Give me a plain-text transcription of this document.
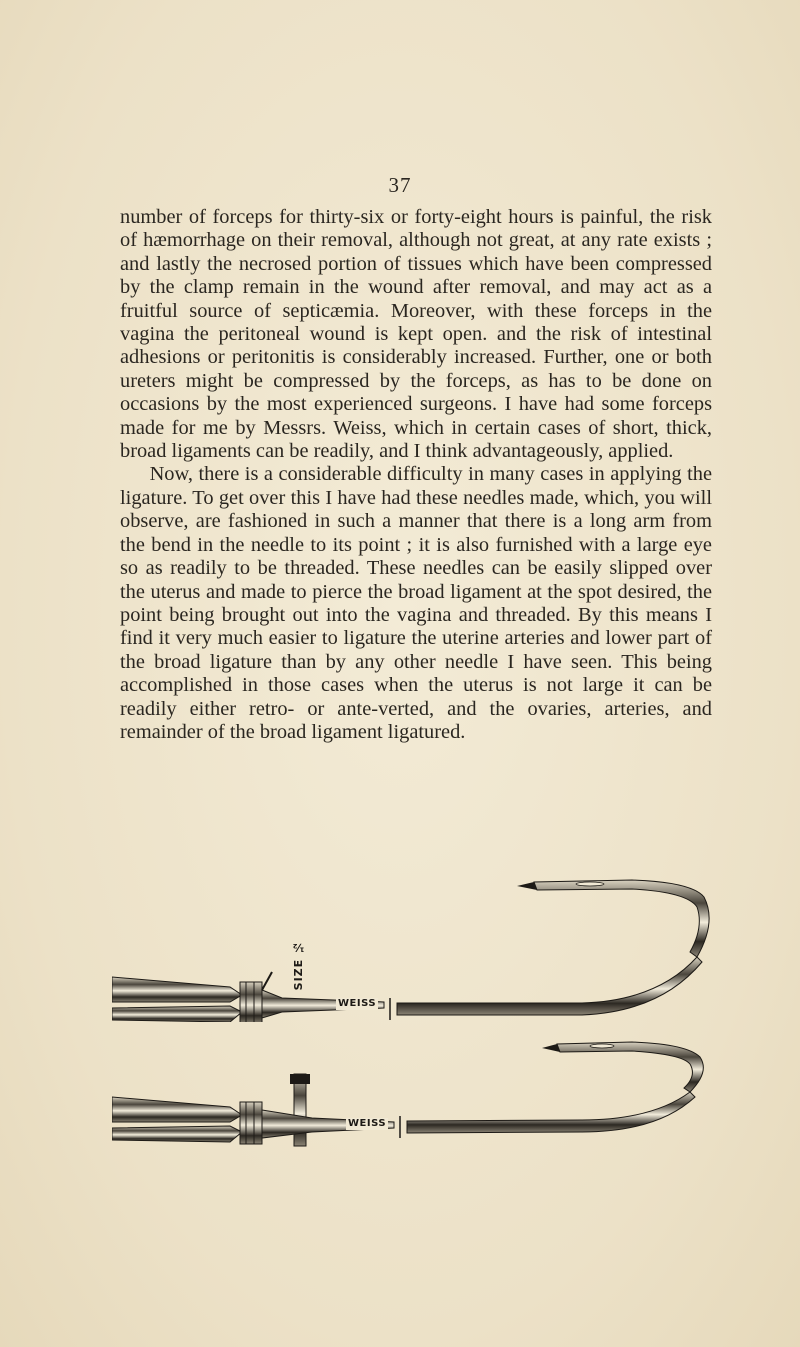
37

number of forceps for thirty-six or forty-eight hours is painful, the risk of hæmorrhage on their removal, although not great, at any rate exists ; and lastly the necrosed portion of tissues which have been compressed by the clamp remain in the wound after removal, and may act as a fruitful source of septicæmia. Moreover, with these forceps in the vagina the peritoneal wound is kept open. and the risk of intestinal adhesions or peritonitis is considerably increased. Further, one or both ureters might be compressed by the forceps, as has to be done on occasions by the most experienced surgeons. I have had some forceps made for me by Messrs. Weiss, which in certain cases of short, thick, broad ligaments can be readily, and I think advantageously, applied.

Now, there is a considerable difficulty in many cases in applying the ligature. To get over this I have had these needles made, which, you will observe, are fashioned in such a manner that there is a long arm from the bend in the needle to its point ; it is also furnished with a large eye so as readily to be threaded. These needles can be easily slipped over the uterus and made to pierce the broad ligament at the spot desired, the point being brought out into the vagina and threaded. By this means I find it very much easier to ligature the uterine arteries and lower part of the broad ligature than by any other needle I have seen. This being accomplished in those cases when the uterus is not large it can be readily either retro- or ante-verted, and the ovaries, arteries, and remainder of the broad ligament ligatured.

SIZE ½
WEISS
WEISS
